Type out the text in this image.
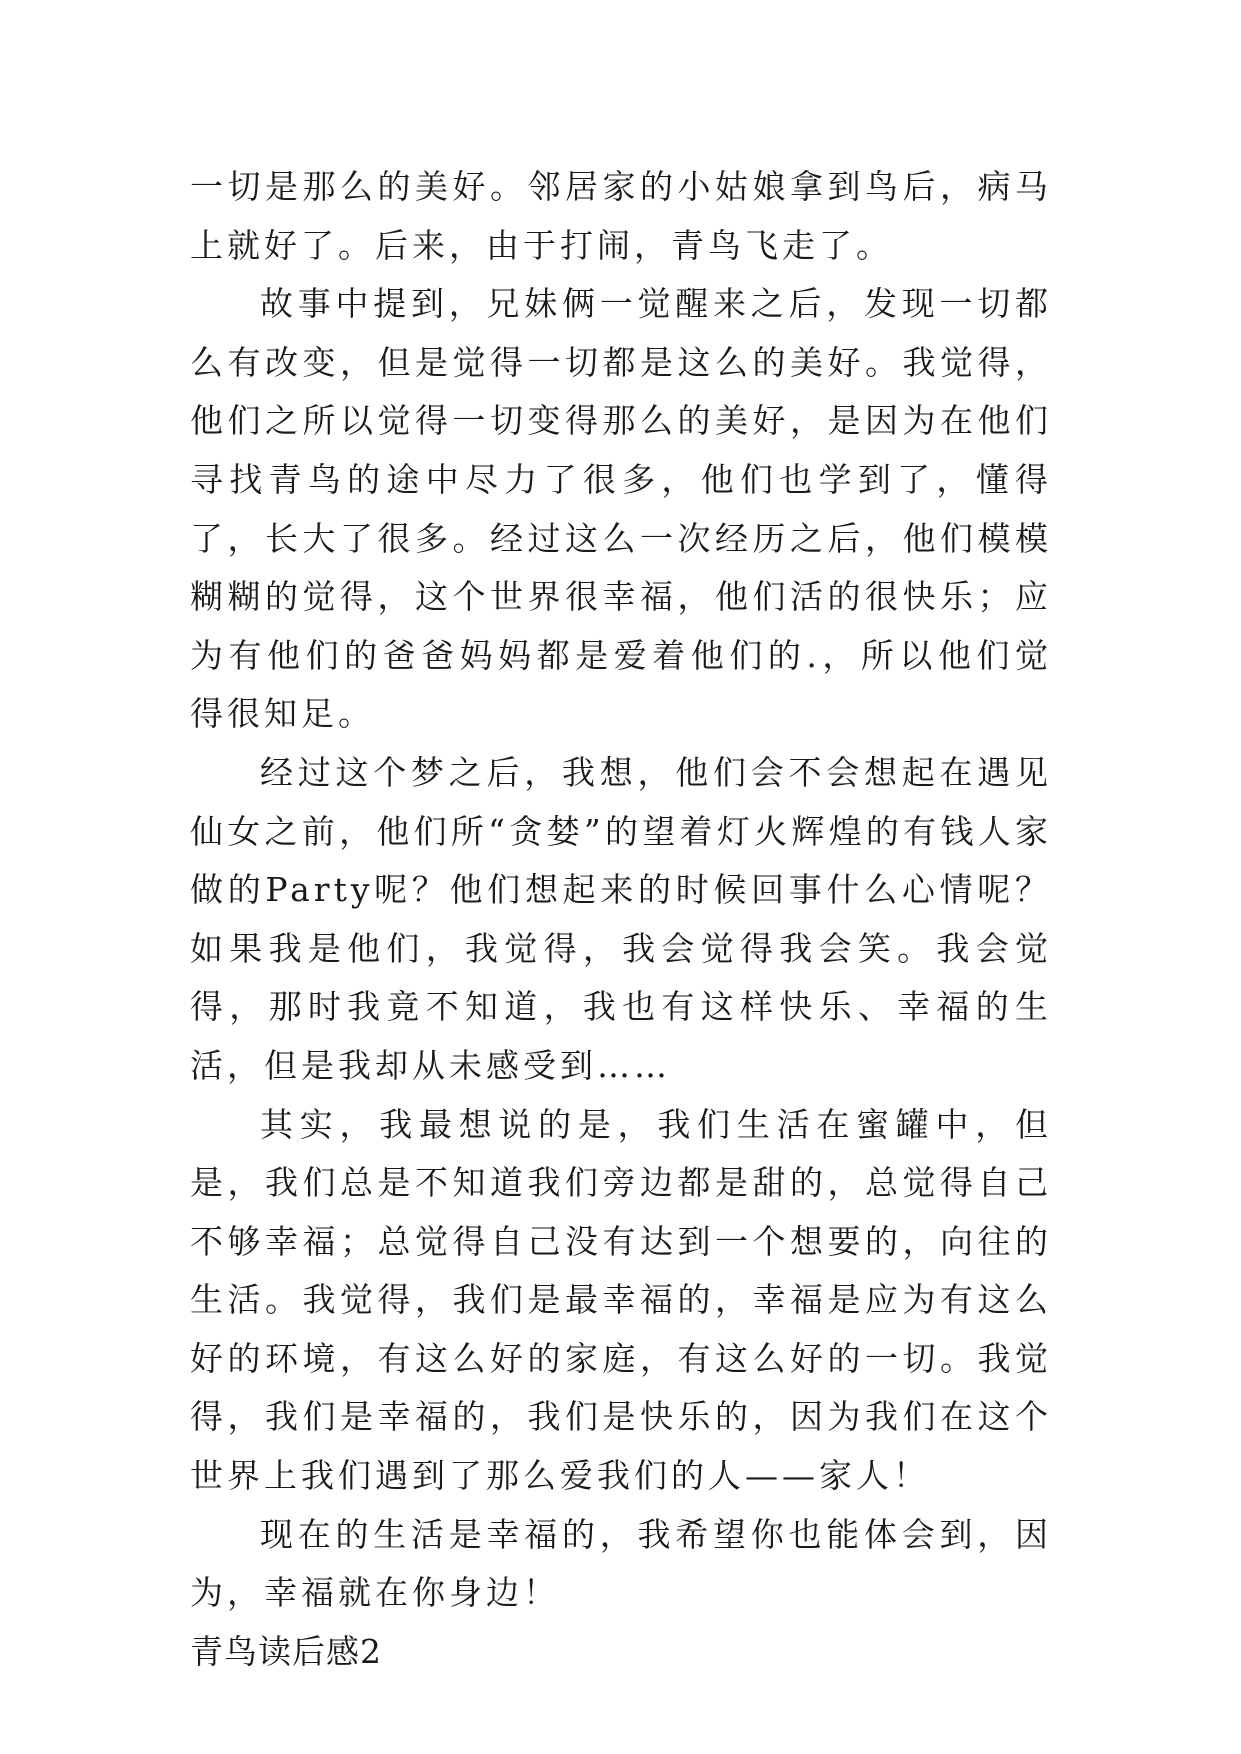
一切是那么的美好。邻居家的小姑娘拿到鸟后，病马上就好了。后来，由于打闹，青鸟飞走了。

故事中提到，兄妹俩一觉醒来之后，发现一切都么有改变，但是觉得一切都是这么的美好。我觉得，他们之所以觉得一切变得那么的美好，是因为在他们寻找青鸟的途中尽力了很多，他们也学到了，懂得了，长大了很多。经过这么一次经历之后，他们模模糊糊的觉得，这个世界很幸福，他们活的很快乐；应为有他们的爸爸妈妈都是爱着他们的.，所以他们觉得很知足。

经过这个梦之后，我想，他们会不会想起在遇见仙女之前，他们所“贪婪”的望着灯火辉煌的有钱人家做的Party呢？他们想起来的时候回事什么心情呢？如果我是他们，我觉得，我会觉得我会笑。我会觉得，那时我竟不知道，我也有这样快乐、幸福的生活，但是我却从未感受到……

其实，我最想说的是，我们生活在蜜罐中，但是，我们总是不知道我们旁边都是甜的，总觉得自己不够幸福；总觉得自己没有达到一个想要的，向往的生活。我觉得，我们是最幸福的，幸福是应为有这么好的环境，有这么好的家庭，有这么好的一切。我觉得，我们是幸福的，我们是快乐的，因为我们在这个世界上我们遇到了那么爱我们的人——家人！

现在的生活是幸福的，我希望你也能体会到，因为，幸福就在你身边！

青鸟读后感2
